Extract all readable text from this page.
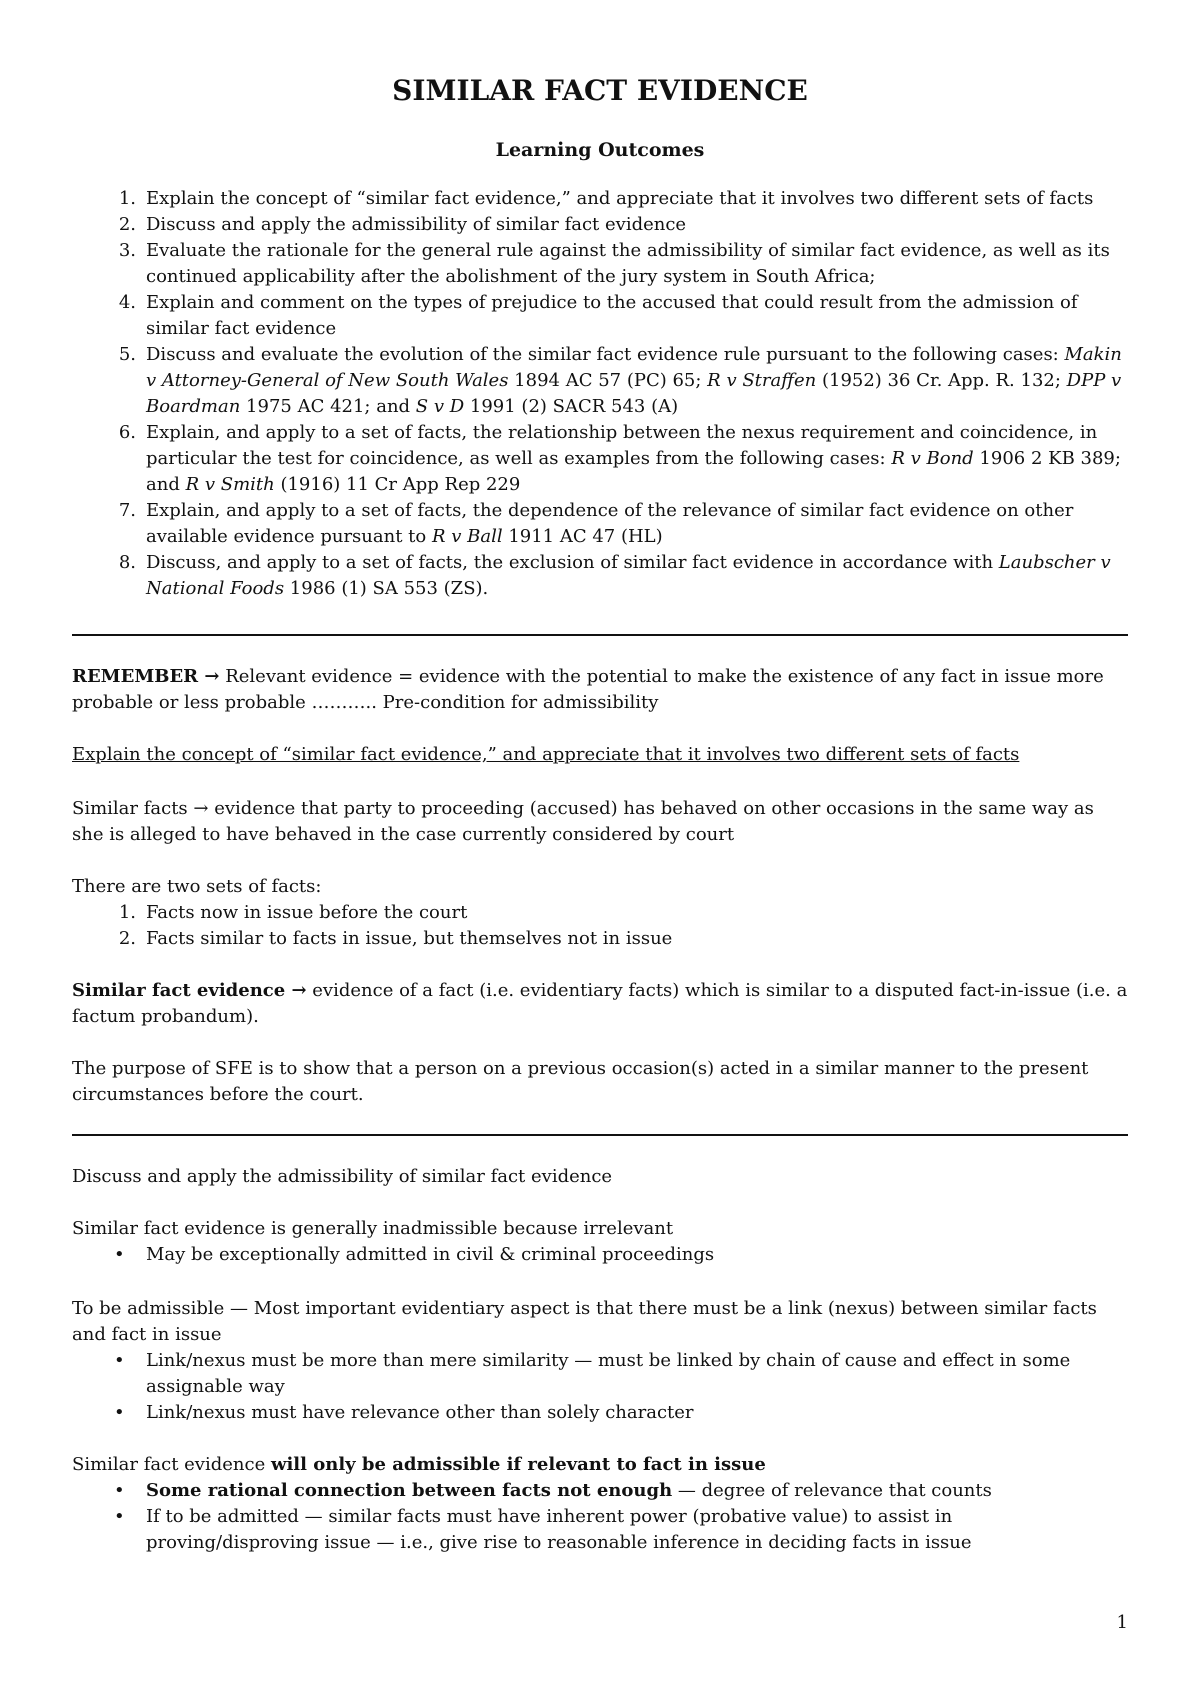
SIMILAR FACT EVIDENCE
Learning Outcomes
1. Explain the concept of “similar fact evidence,” and appreciate that it involves two different sets of facts
2. Discuss and apply the admissibility of similar fact evidence
3. Evaluate the rationale for the general rule against the admissibility of similar fact evidence, as well as its continued applicability after the abolishment of the jury system in South Africa;
4. Explain and comment on the types of prejudice to the accused that could result from the admission of similar fact evidence
5. Discuss and evaluate the evolution of the similar fact evidence rule pursuant to the following cases: Makin v Attorney-General of New South Wales 1894 AC 57 (PC) 65; R v Straffen (1952) 36 Cr. App. R. 132; DPP v Boardman 1975 AC 421; and S v D 1991 (2) SACR 543 (A)
6. Explain, and apply to a set of facts, the relationship between the nexus requirement and coincidence, in particular the test for coincidence, as well as examples from the following cases: R v Bond 1906 2 KB 389; and R v Smith (1916) 11 Cr App Rep 229
7. Explain, and apply to a set of facts, the dependence of the relevance of similar fact evidence on other available evidence pursuant to R v Ball 1911 AC 47 (HL)
8. Discuss, and apply to a set of facts, the exclusion of similar fact evidence in accordance with Laubscher v National Foods 1986 (1) SA 553 (ZS).

REMEMBER → Relevant evidence = evidence with the potential to make the existence of any fact in issue more probable or less probable ……….. Pre-condition for admissibility

Explain the concept of “similar fact evidence,” and appreciate that it involves two different sets of facts

Similar facts → evidence that party to proceeding (accused) has behaved on other occasions in the same way as she is alleged to have behaved in the case currently considered by court

There are two sets of facts:
1. Facts now in issue before the court
2. Facts similar to facts in issue, but themselves not in issue

Similar fact evidence → evidence of a fact (i.e. evidentiary facts) which is similar to a disputed fact-in-issue (i.e. a factum probandum).

The purpose of SFE is to show that a person on a previous occasion(s) acted in a similar manner to the present circumstances before the court.

Discuss and apply the admissibility of similar fact evidence

Similar fact evidence is generally inadmissible because irrelevant
• May be exceptionally admitted in civil & criminal proceedings
To be admissible — Most important evidentiary aspect is that there must be a link (nexus) between similar facts and fact in issue
• Link/nexus must be more than mere similarity — must be linked by chain of cause and effect in some assignable way
• Link/nexus must have relevance other than solely character
Similar fact evidence will only be admissible if relevant to fact in issue
• Some rational connection between facts not enough — degree of relevance that counts
• If to be admitted — similar facts must have inherent power (probative value) to assist in proving/disproving issue — i.e., give rise to reasonable inference in deciding facts in issue
1
